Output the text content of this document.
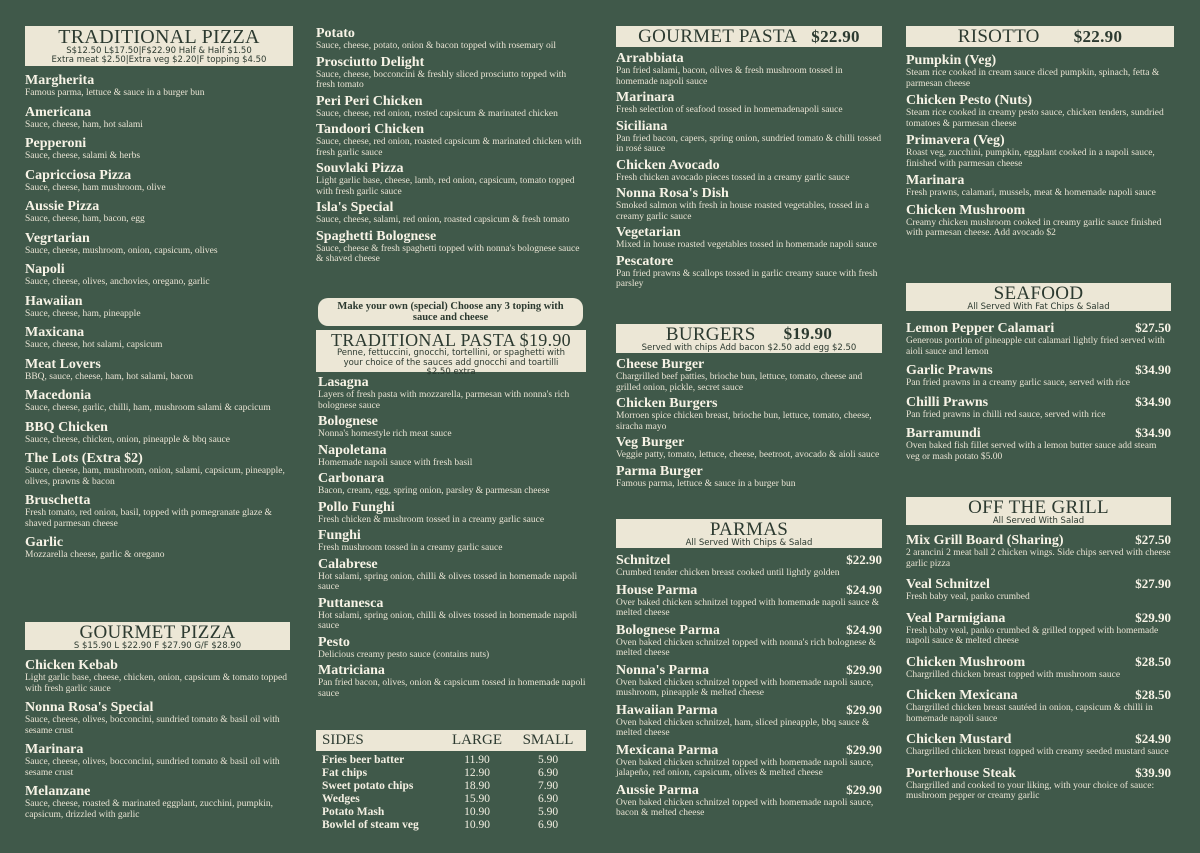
TRADITIONAL PIZZA
S$12.50 L$17.50|F$22.90 Half & Half $1.50
Extra meat $2.50|Extra veg $2.20|F topping $4.50
Margherita
Famous parma, lettuce & sauce in a burger bun
Americana
Sauce, cheese, ham, hot salami
Pepperoni
Sauce, cheese, salami & herbs
Capricciosa Pizza
Sauce, cheese, ham mushroom, olive
Aussie Pizza
Sauce, cheese, ham, bacon, egg
Vegrtarian
Sauce, cheese, mushroom, onion, capsicum, olives
Napoli
Sauce, cheese, olives, anchovies, oregano, garlic
Hawaiian
Sauce, cheese, ham, pineapple
Maxicana
Sauce, cheese, hot salami, capsicum
Meat Lovers
BBQ, sauce, cheese, ham, hot salami, bacon
Macedonia
Sauce, cheese, garlic, chilli, ham, mushroom salami & capcicum
BBQ Chicken
Sauce, cheese, chicken, onion, pineapple & bbq sauce
The Lots (Extra $2)
Sauce, cheese, ham, mushroom, onion, salami, capsicum, pineapple, olives, prawns & bacon
Bruschetta
Fresh tomato, red onion, basil, topped with pomegranate glaze & shaved parmesan cheese
Garlic
Mozzarella cheese, garlic & oregano
GOURMET PIZZA
S $15.90 L $22.90 F $27.90 G/F $28.90
Chicken Kebab
Light garlic base, cheese, chicken, onion, capsicum & tomato topped with fresh garlic sauce
Nonna Rosa's Special
Sauce, cheese, olives, bocconcini, sundried tomato & basil oil with sesame crust
Marinara
Sauce, cheese, olives, bocconcini, sundried tomato & basil oil with sesame crust
Melanzane
Sauce, cheese, roasted & marinated eggplant, zucchini, pumpkin, capsicum, drizzled with garlic
Potato
Sauce, cheese, potato, onion & bacon topped with rosemary oil
Prosciutto Delight
Sauce, cheese, bocconcini & freshly sliced prosciutto topped with fresh tomato
Peri Peri Chicken
Sauce, cheese, red onion, rosted capsicum & marinated chicken
Tandoori Chicken
Sauce, cheese, red onion, roasted capsicum & marinated chicken with fresh garlic sauce
Souvlaki Pizza
Light garlic base, cheese, lamb, red onion, capsicum, tomato topped with fresh garlic sauce
Isla's Special
Sauce, cheese, salami, red onion, roasted capsicum & fresh tomato
Spaghetti Bolognese
Sauce, cheese & fresh spaghetti topped with nonna's bolognese sauce & shaved cheese
Make your own (special) Choose any 3 toping with sauce and cheese
TRADITIONAL PASTA $19.90
Penne, fettuccini, gnocchi, tortellini, or spaghetti with your choice of the sauces add gnocchi and toartilli $2.50 extra
Lasagna
Layers of fresh pasta with mozzarella, parmesan with nonna's rich bolognese sauce
Bolognese
Nonna's homestyle rich meat sauce
Napoletana
Homemade napoli sauce with fresh basil
Carbonara
Bacon, cream, egg, spring onion, parsley & parmesan cheese
Pollo Funghi
Fresh chicken & mushroom tossed in a creamy garlic sauce
Funghi
Fresh mushroom tossed in a creamy garlic sauce
Calabrese
Hot salami, spring onion, chilli & olives tossed in homemade napoli sauce
Puttanesca
Hot salami, spring onion, chilli & olives tossed in homemade napoli sauce
Pesto
Delicious creamy pesto sauce (contains nuts)
Matriciana
Pan fried bacon, olives, onion & capsicum tossed in homemade napoli sauce
SIDES	LARGE	SMALL
Fries beer batter	11.90	5.90
Fat chips	12.90	6.90
Sweet potato chips	18.90	7.90
Wedges	15.90	6.90
Potato Mash	10.90	5.90
Bowlel of steam veg	10.90	6.90
GOURMET PASTA $22.90
Arrabbiata
Pan fried salami, bacon, olives & fresh mushroom tossed in homemade napoli sauce
Marinara
Fresh selection of seafood tossed in homemadenapoli sauce
Siciliana
Pan fried bacon, capers, spring onion, sundried tomato & chilli tossed in rosé sauce
Chicken Avocado
Fresh chicken avocado pieces tossed in a creamy garlic sauce
Nonna Rosa's Dish
Smoked salmon with fresh in house roasted vegetables, tossed in a creamy garlic sauce
Vegetarian
Mixed in house roasted vegetables tossed in homemade napoli sauce
Pescatore
Pan fried prawns & scallops tossed in garlic creamy sauce with fresh parsley
BURGERS $19.90
Served with chips Add bacon $2.50 add egg $2.50
Cheese Burger
Chargrilled beef patties, brioche bun, lettuce, tomato, cheese and grilled onion, pickle, secret sauce
Chicken Burgers
Morroen spice chicken breast, brioche bun, lettuce, tomato, cheese, siracha mayo
Veg Burger
Veggie patty, tomato, lettuce, cheese, beetroot, avocado & aioli sauce
Parma Burger
Famous parma, lettuce & sauce in a burger bun
PARMAS
All Served With Chips & Salad
Schnitzel	$22.90
Crumbed tender chicken breast cooked until lightly golden
House Parma	$24.90
Over baked chicken schnitzel topped with homemade napoli sauce & melted cheese
Bolognese Parma	$24.90
Oven baked chicken schnitzel topped with nonna's rich bolognese & melted cheese
Nonna's Parma	$29.90
Oven baked chicken schnitzel topped with homemade napoli sauce, mushroom, pineapple & melted cheese
Hawaiian Parma	$29.90
Oven baked chicken schnitzel, ham, sliced pineapple, bbq sauce & melted cheese
Mexicana Parma	$29.90
Oven baked chicken schnitzel topped with homemade napoli sauce, jalapeño, red onion, capsicum, olives & melted cheese
Aussie Parma	$29.90
Oven baked chicken schnitzel topped with homemade napoli sauce, bacon & melted cheese
RISOTTO $22.90
Pumpkin (Veg)
Steam rice cooked in cream sauce diced pumpkin, spinach, fetta & parmesan cheese
Chicken Pesto (Nuts)
Steam rice cooked in creamy pesto sauce, chicken tenders, sundried tomatoes & parmesan cheese
Primavera (Veg)
Roast veg, zucchini, pumpkin, eggplant cooked in a napoli sauce, finished with parmesan cheese
Marinara
Fresh prawns, calamari, mussels, meat & homemade napoli sauce
Chicken Mushroom
Creamy chicken mushroom cooked in creamy garlic sauce finished with parmesan cheese. Add avocado $2
SEAFOOD
All Served With Fat Chips & Salad
Lemon Pepper Calamari	$27.50
Generous portion of pineapple cut calamari lightly fried served with aioli sauce and lemon
Garlic Prawns	$34.90
Pan fried prawns in a creamy garlic sauce, served with rice
Chilli Prawns	$34.90
Pan fried prawns in chilli red sauce, served with rice
Barramundi	$34.90
Oven baked fish fillet served with a lemon butter sauce add steam veg or mash potato $5.00
OFF THE GRILL
All Served With Salad
Mix Grill Board (Sharing)	$27.50
2 arancini 2 meat ball 2 chicken wings. Side chips served with cheese garlic pizza
Veal Schnitzel	$27.90
Fresh baby veal, panko crumbed
Veal Parmigiana	$29.90
Fresh baby veal, panko crumbed & grilled topped with homemade napoli sauce & melted cheese
Chicken Mushroom	$28.50
Chargrilled chicken breast topped with mushroom sauce
Chicken Mexicana	$28.50
Chargrilled chicken breast sautéed in onion, capsicum & chilli in homemade napoli sauce
Chicken Mustard	$24.90
Chargrilled chicken breast topped with creamy seeded mustard sauce
Porterhouse Steak	$39.90
Chargrilled and cooked to your liking, with your choice of sauce: mushroom pepper or creamy garlic
